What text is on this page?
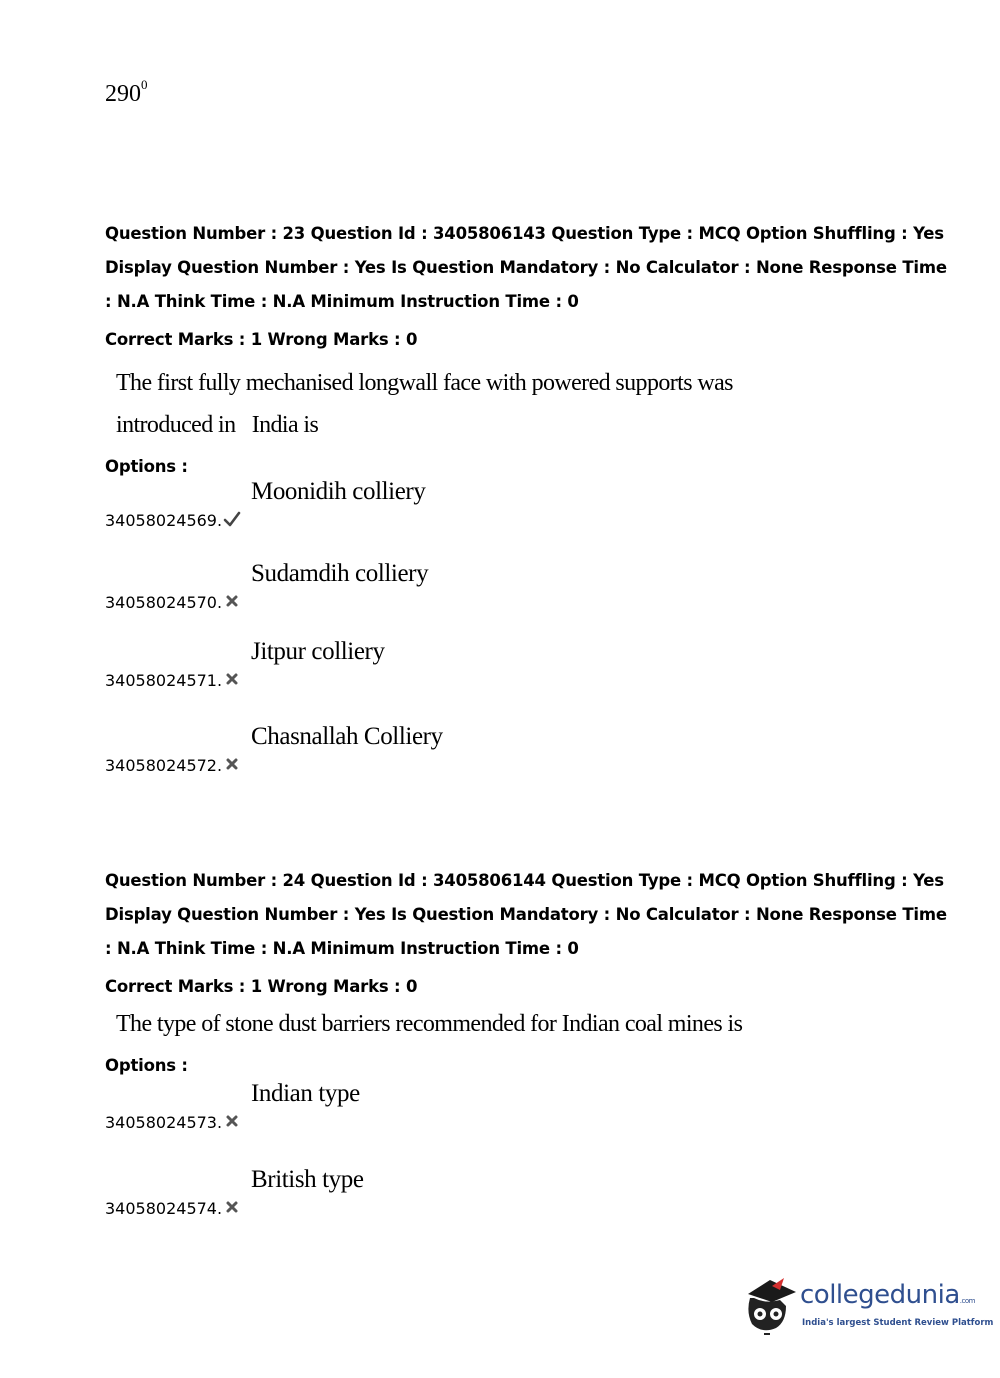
$290^0$
Question Number : 23 Question Id : 3405806143 Question Type : MCQ Option Shuffling : Yes
Display Question Number : Yes Is Question Mandatory : No Calculator : None Response Time
: N.A Think Time : N.A Minimum Instruction Time : 0
Correct Marks : 1 Wrong Marks : 0
The first fully mechanised longwall face with powered supports was
introduced in   India is
Options :
34058024569.
Moonidih colliery
34058024570.
Sudamdih colliery
34058024571.
Jitpur colliery
34058024572.
Chasnallah Colliery
Question Number : 24 Question Id : 3405806144 Question Type : MCQ Option Shuffling : Yes
Display Question Number : Yes Is Question Mandatory : No Calculator : None Response Time
: N.A Think Time : N.A Minimum Instruction Time : 0
Correct Marks : 1 Wrong Marks : 0
The type of stone dust barriers recommended for Indian coal mines is
Options :
34058024573.
Indian type
34058024574.
British type
collegedunia.com
India's largest Student Review Platform
